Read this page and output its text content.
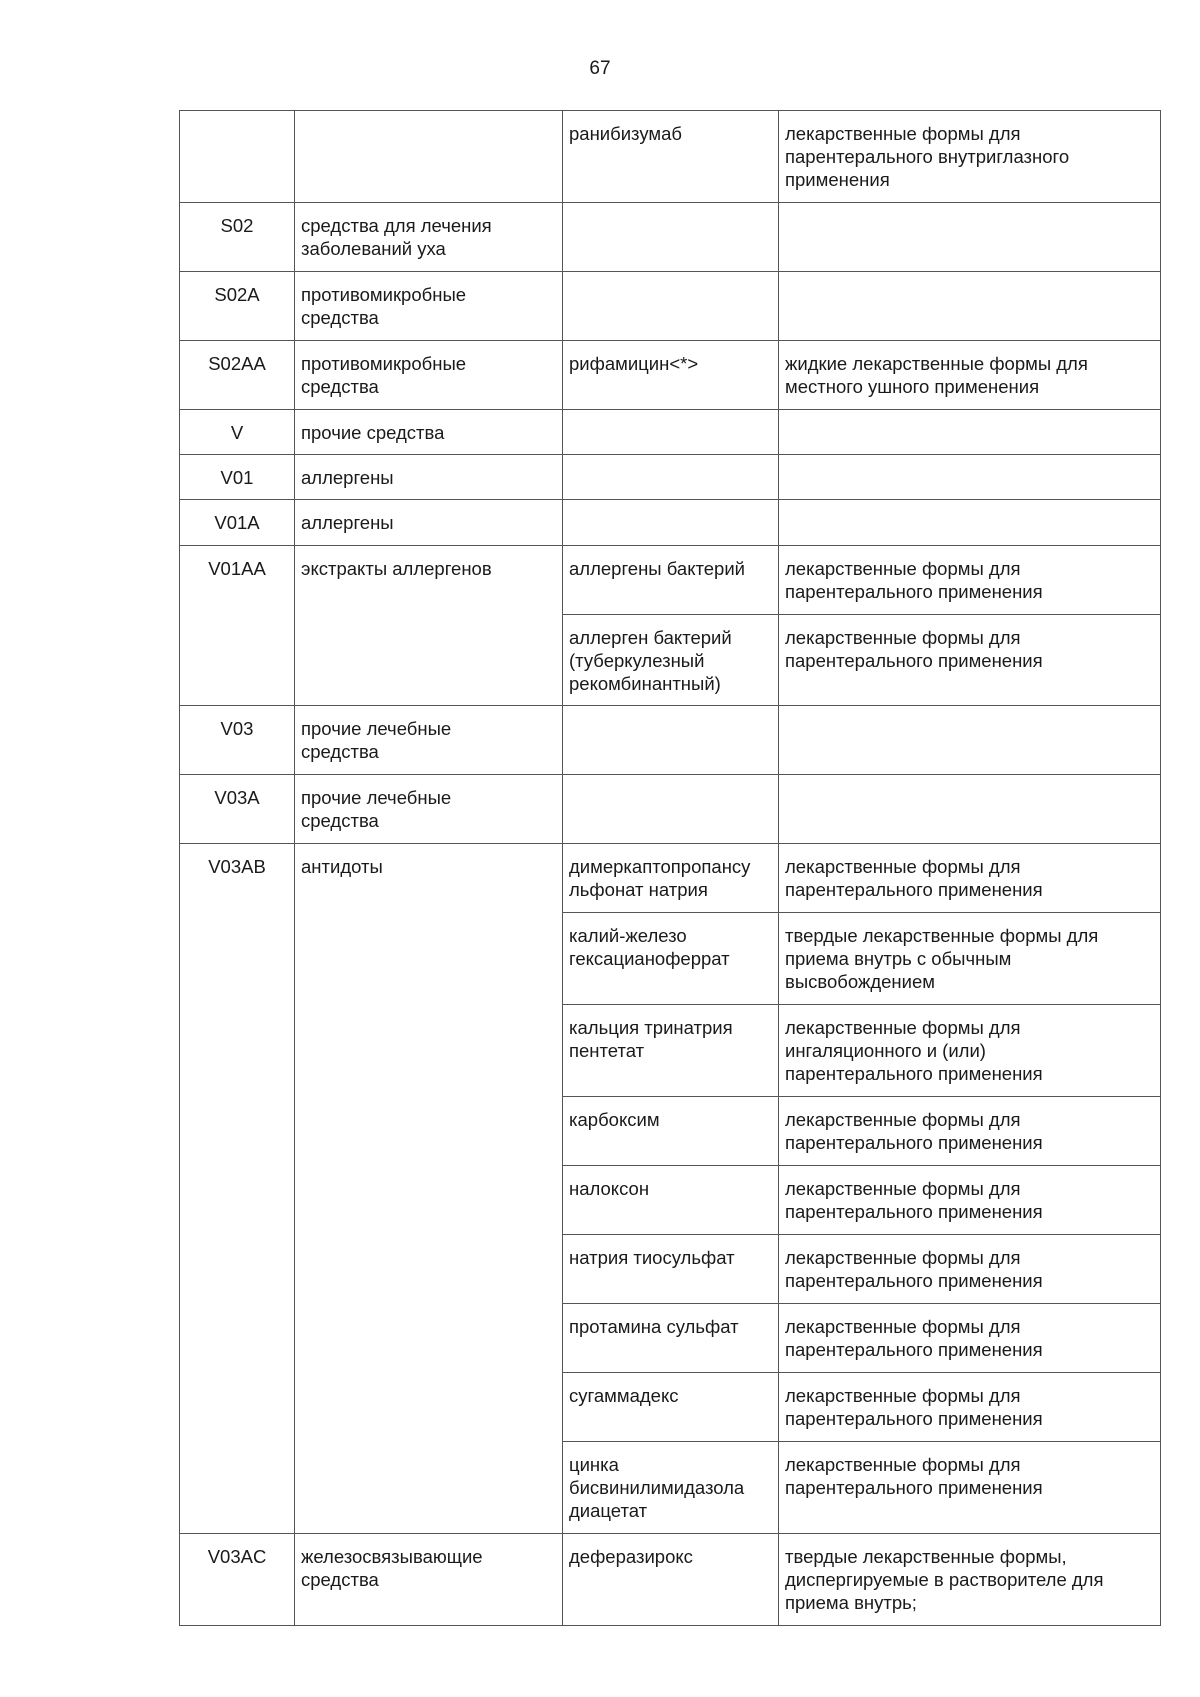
67
		ранибизумаб	лекарственные формы для
парентерального внутриглазного
применения
S02	средства для лечения
заболеваний уха		
S02A	противомикробные
средства		
S02AA	противомикробные
средства	рифамицин<*>	жидкие лекарственные формы для
местного ушного применения
V	прочие средства		
V01	аллергены		
V01A	аллергены		
V01AA	экстракты аллергенов	аллергены бактерий	лекарственные формы для
парентерального применения
		аллерген бактерий
(туберкулезный
рекомбинантный)	лекарственные формы для
парентерального применения
V03	прочие лечебные
средства		
V03A	прочие лечебные
средства		
V03AB	антидоты	димеркаптопропансу
льфонат натрия	лекарственные формы для
парентерального применения
		калий-железо
гексацианоферрат	твердые лекарственные формы для
приема внутрь с обычным
высвобождением
		кальция тринатрия
пентетат	лекарственные формы для
ингаляционного и (или)
парентерального применения
		карбоксим	лекарственные формы для
парентерального применения
		налоксон	лекарственные формы для
парентерального применения
		натрия тиосульфат	лекарственные формы для
парентерального применения
		протамина сульфат	лекарственные формы для
парентерального применения
		сугаммадекс	лекарственные формы для
парентерального применения
		цинка
бисвинилимидазола
диацетат	лекарственные формы для
парентерального применения
V03AC	железосвязывающие
средства	деферазирокс	твердые лекарственные формы,
диспергируемые в растворителе для
приема внутрь;
